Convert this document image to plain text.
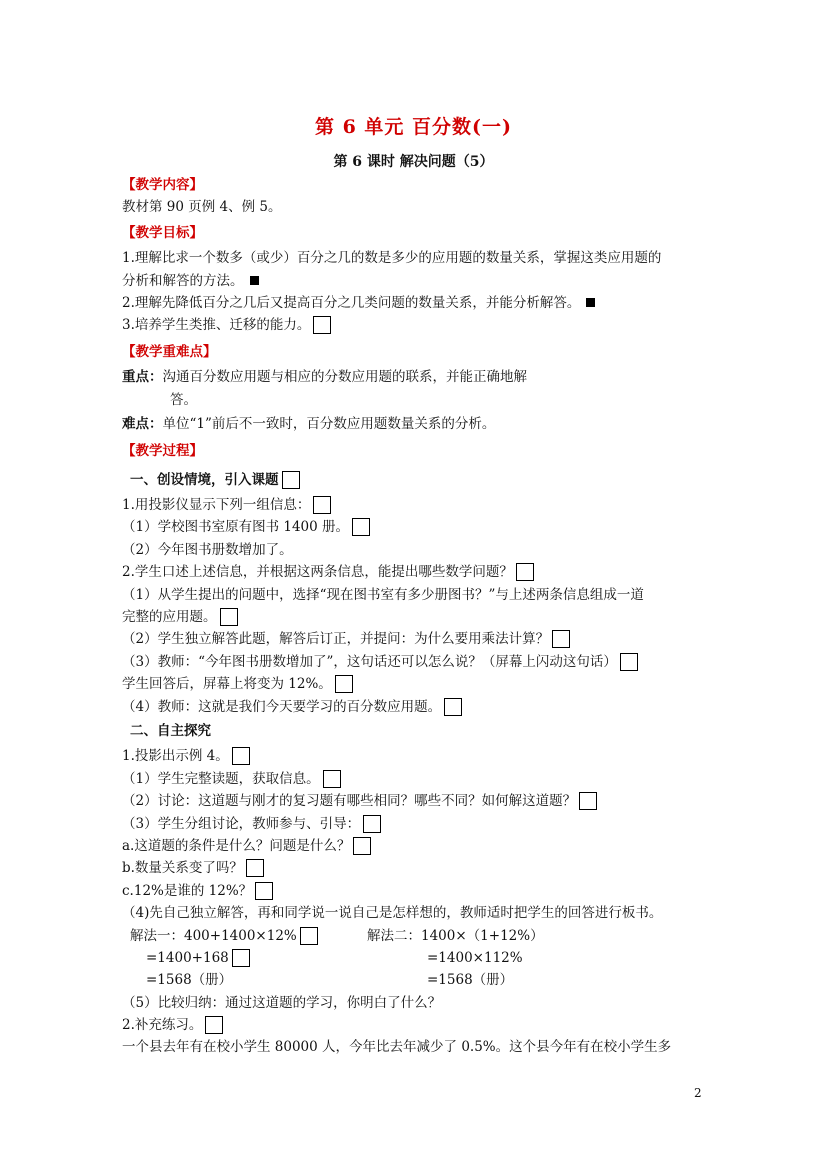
第 6 单元 百分数(一)
第 6 课时 解决问题（5）
【教学内容】
教材第 90 页例 4、例 5。
【教学目标】
1.理解比求一个数多（或少）百分之几的数是多少的应用题的数量关系，掌握这类应用题的
分析和解答的方法。
2.理解先降低百分之几后又提高百分之几类问题的数量关系，并能分析解答。
3.培养学生类推、迁移的能力。
【教学重难点】
重点：沟通百分数应用题与相应的分数应用题的联系，并能正确地解
答。
难点：单位“1”前后不一致时，百分数应用题数量关系的分析。
【教学过程】
一、创设情境，引入课题
1.用投影仪显示下列一组信息：
（1）学校图书室原有图书 1400 册。
（2）今年图书册数增加了。
2.学生口述上述信息，并根据这两条信息，能提出哪些数学问题？
（1）从学生提出的问题中，选择“现在图书室有多少册图书？”与上述两条信息组成一道
完整的应用题。
（2）学生独立解答此题，解答后订正，并提问：为什么要用乘法计算？
（3）教师：“今年图书册数增加了”，这句话还可以怎么说？（屏幕上闪动这句话）
学生回答后，屏幕上将变为 12%。
（4）教师：这就是我们今天要学习的百分数应用题。
二、自主探究
1.投影出示例 4。
（1）学生完整读题，获取信息。
（2）讨论：这道题与刚才的复习题有哪些相同？哪些不同？如何解这道题？
（3）学生分组讨论，教师参与、引导：
a.这道题的条件是什么？问题是什么？
b.数量关系变了吗？
c.12%是谁的 12%？
（4)先自己独立解答，再和同学说一说自己是怎样想的，教师适时把学生的回答进行板书。
解法一：400+1400×12%	解法二：1400×（1+12%）
=1400+168	=1400×112%
=1568（册）	=1568（册）
（5）比较归纳：通过这道题的学习，你明白了什么？
2.补充练习。
一个县去年有在校小学生 80000 人，今年比去年减少了 0.5%。这个县今年有在校小学生多
2
